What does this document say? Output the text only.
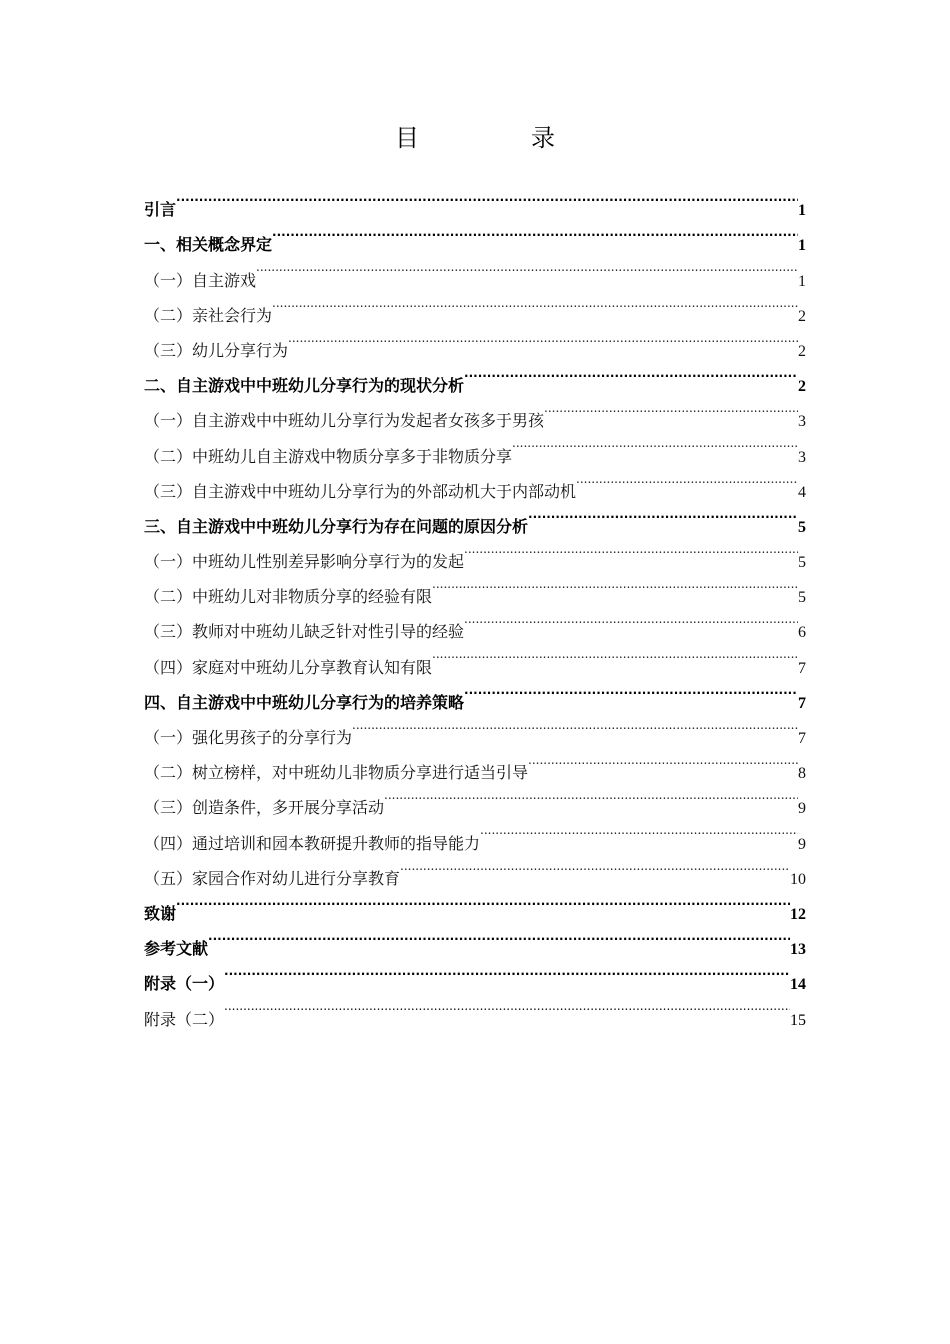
目　录
引言 .....	1
一、相关概念界定 .....	1
（一）自主游戏 .....	1
（二）亲社会行为 .....	2
（三）幼儿分享行为 .....	2
二、自主游戏中中班幼儿分享行为的现状分析 .....	2
（一）自主游戏中中班幼儿分享行为发起者女孩多于男孩 .....	3
（二）中班幼儿自主游戏中物质分享多于非物质分享 .....	3
（三）自主游戏中中班幼儿分享行为的外部动机大于内部动机 .....	4
三、自主游戏中中班幼儿分享行为存在问题的原因分析 .....	5
（一）中班幼儿性别差异影响分享行为的发起 .....	5
（二）中班幼儿对非物质分享的经验有限 .....	5
（三）教师对中班幼儿缺乏针对性引导的经验 .....	6
（四）家庭对中班幼儿分享教育认知有限 .....	7
四、自主游戏中中班幼儿分享行为的培养策略 .....	7
（一）强化男孩子的分享行为 .....	7
（二）树立榜样，对中班幼儿非物质分享进行适当引导 .....	8
（三）创造条件，多开展分享活动 .....	9
（四）通过培训和园本教研提升教师的指导能力 .....	9
（五）家园合作对幼儿进行分享教育 .....	10
致谢 .....	12
参考文献 .....	13
附录（一） .....	14
附录（二） .....	15
